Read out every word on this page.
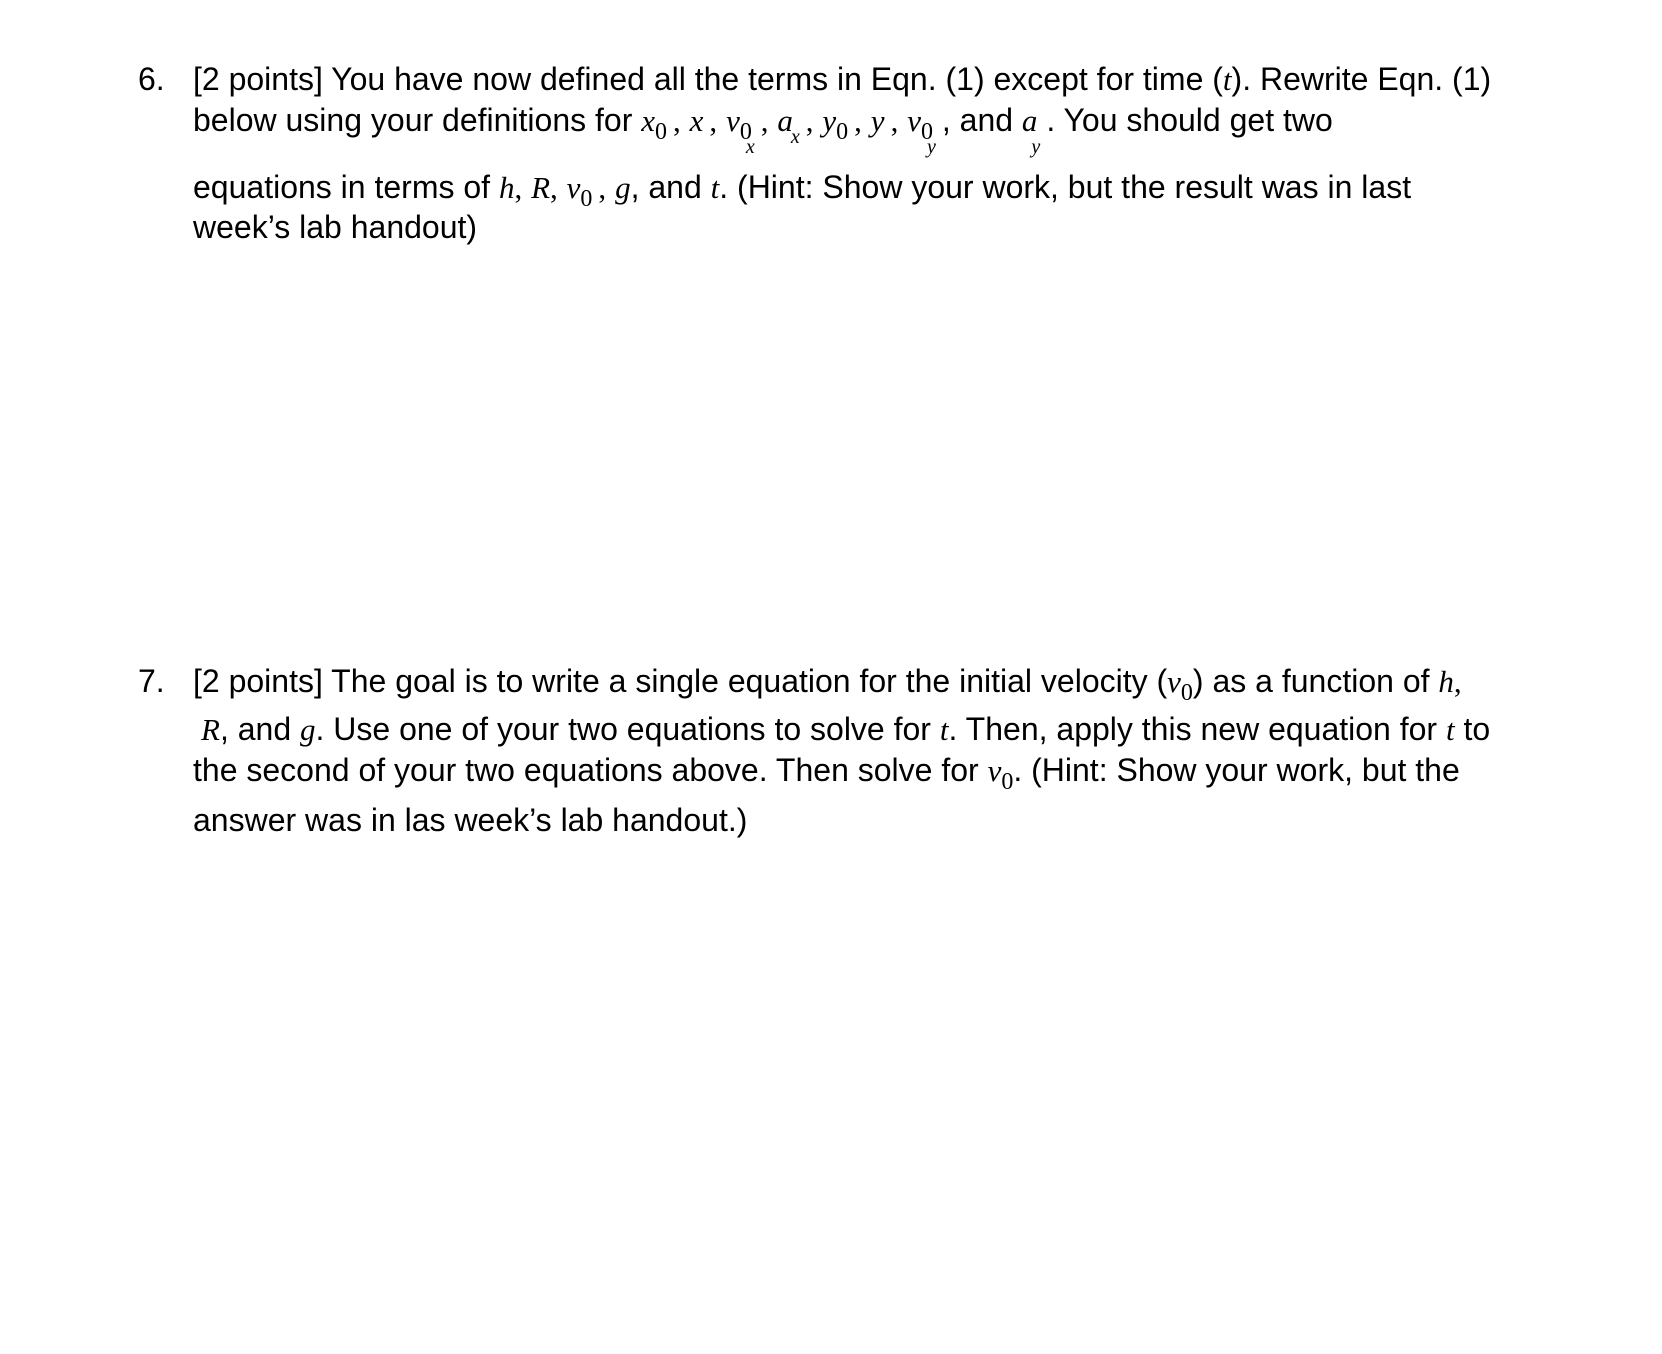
6. [2 points] You have now defined all the terms in Eqn. (1) except for time (t). Rewrite Eqn. (1)
below using your definitions for $x_0$ , x , $v_{0x}$, $a_x$ , $y_0$ , y , $v_{0y}$, and $a_y$. You should get two
equations in terms of h, R, $v_0$ , g, and t. (Hint: Show your work, but the result was in last
week’s lab handout)
7. [2 points] The goal is to write a single equation for the initial velocity $(v_0)$ as a function of h,
R, and g. Use one of your two equations to solve for t. Then, apply this new equation for t to
the second of your two equations above. Then solve for $v_0$. (Hint: Show your work, but the
answer was in las week’s lab handout.)
